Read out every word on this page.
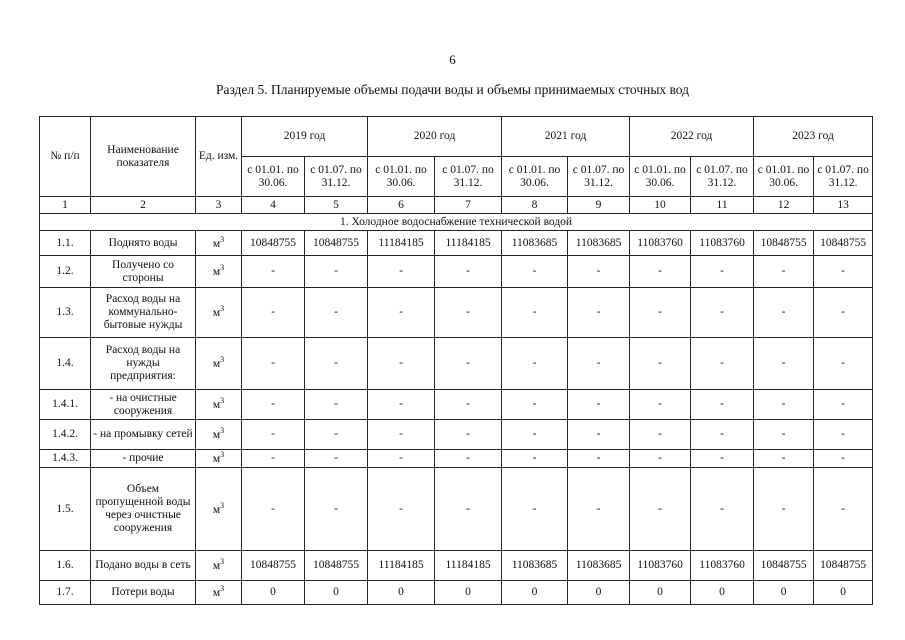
6
Раздел 5. Планируемые объемы подачи воды и объемы принимаемых сточных вод
№ п/п	Наименование показателя	Ед. изм.	2019 год		2020 год		2021 год		2022 год		2023 год	
			с 01.01. по 30.06.	с 01.07. по 31.12.	с 01.01. по 30.06.	с 01.07. по 31.12.	с 01.01. по 30.06.	с 01.07. по 31.12.	с 01.01. по 30.06.	с 01.07. по 31.12.	с 01.01. по 30.06.	с 01.07. по 31.12.
1	2	3	4	5	6	7	8	9	10	11	12	13
1. Холодное водоснабжение технической водой												
1.1.	Поднято воды	$м^3$	10848755	10848755	11184185	11184185	11083685	11083685	11083760	11083760	10848755	10848755
1.2.	Получено со стороны	$м^3$	-	-	-	-	-	-	-	-	-	-
1.3.	Расход воды на коммунально-бытовые нужды	$м^3$	-	-	-	-	-	-	-	-	-	-
1.4.	Расход воды на нужды предприятия:	$м^3$	-	-	-	-	-	-	-	-	-	-
1.4.1.	- на очистные сооружения	$м^3$	-	-	-	-	-	-	-	-	-	-
1.4.2.	- на промывку сетей	$м^3$	-	-	-	-	-	-	-	-	-	-
1.4.3.	- прочие	$м^3$	-	-	-	-	-	-	-	-	-	-
1.5.	Объем пропущенной воды через очистные сооружения	$м^3$	-	-	-	-	-	-	-	-	-	-
1.6.	Подано воды в сеть	$м^3$	10848755	10848755	11184185	11184185	11083685	11083685	11083760	11083760	10848755	10848755
1.7.	Потери воды	$м^3$	0	0	0	0	0	0	0	0	0	0
